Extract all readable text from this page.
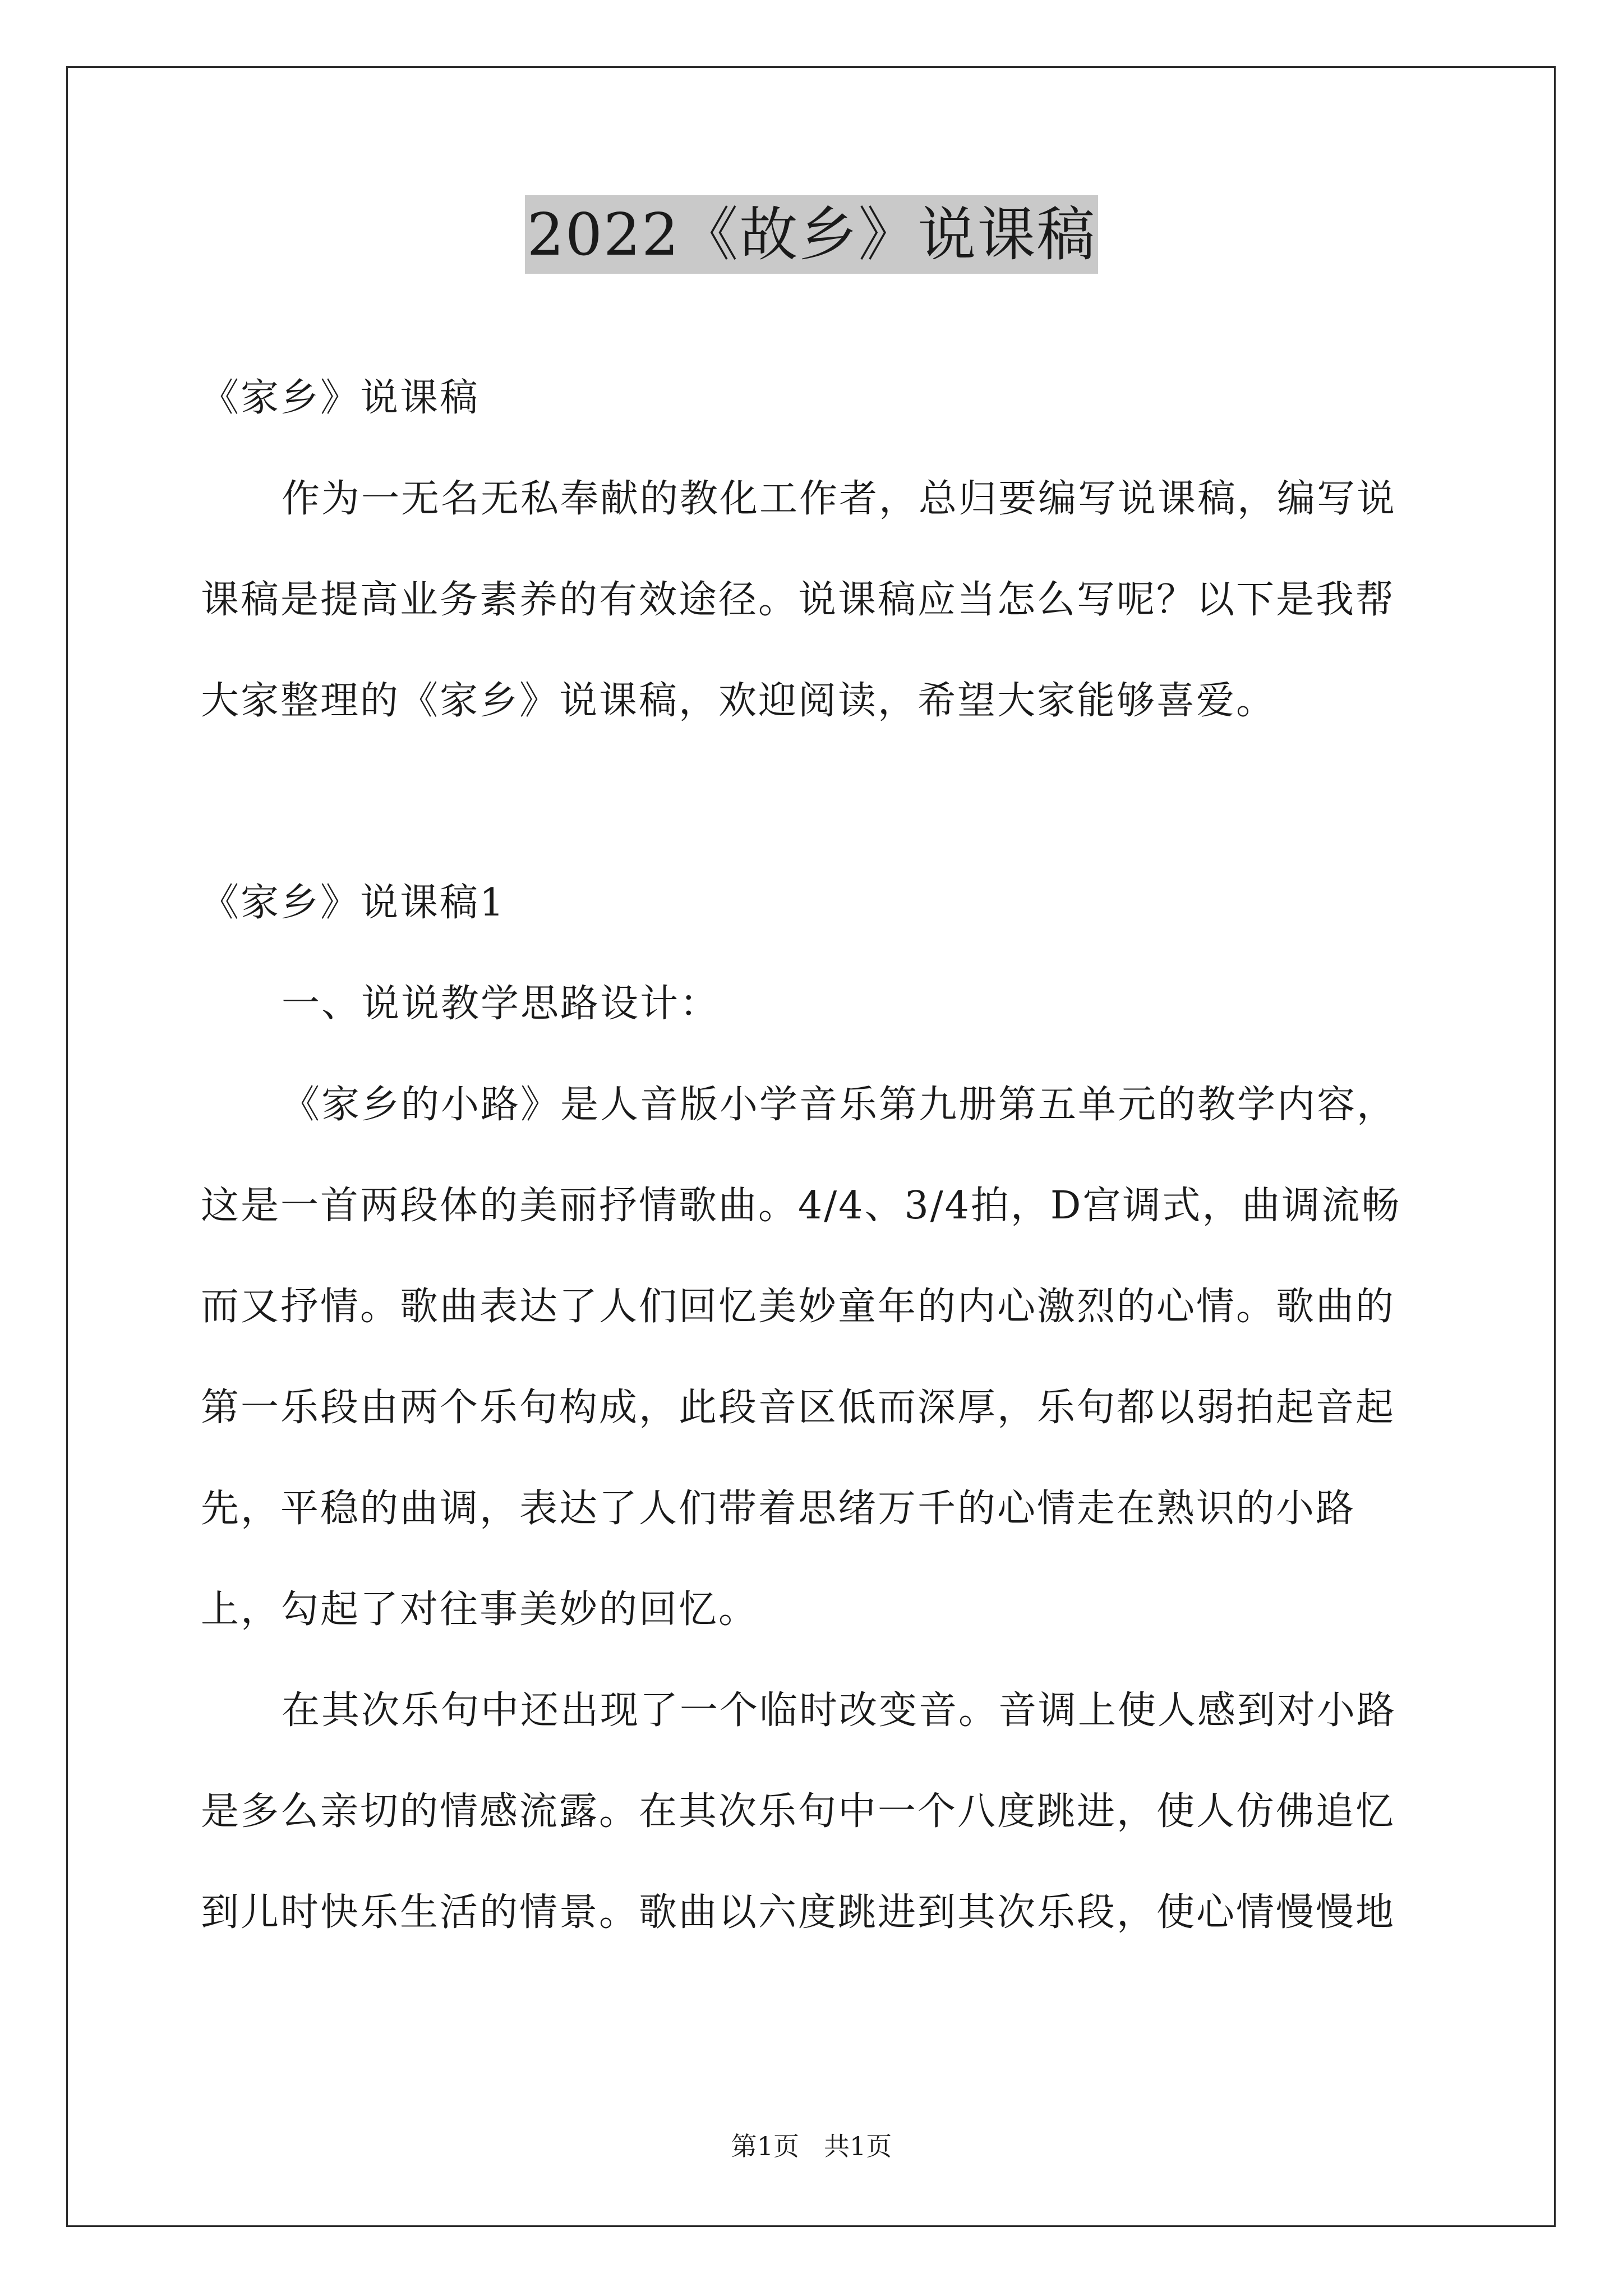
2022《故乡》说课稿

《家乡》说课稿

作为一无名无私奉献的教化工作者，总归要编写说课稿，编写说课稿是提高业务素养的有效途径。说课稿应当怎么写呢？以下是我帮大家整理的《家乡》说课稿，欢迎阅读，希望大家能够喜爱。

《家乡》说课稿1

一、说说教学思路设计：

《家乡的小路》是人音版小学音乐第九册第五单元的教学内容，这是一首两段体的美丽抒情歌曲。4/4、3/4拍，D宫调式，曲调流畅而又抒情。歌曲表达了人们回忆美妙童年的内心激烈的心情。歌曲的第一乐段由两个乐句构成，此段音区低而深厚，乐句都以弱拍起音起先，平稳的曲调，表达了人们带着思绪万千的心情走在熟识的小路上，勾起了对往事美妙的回忆。

在其次乐句中还出现了一个临时改变音。音调上使人感到对小路是多么亲切的情感流露。在其次乐句中一个八度跳进，使人仿佛追忆到儿时快乐生活的情景。歌曲以六度跳进到其次乐段，使心情慢慢地

第1页 共1页
